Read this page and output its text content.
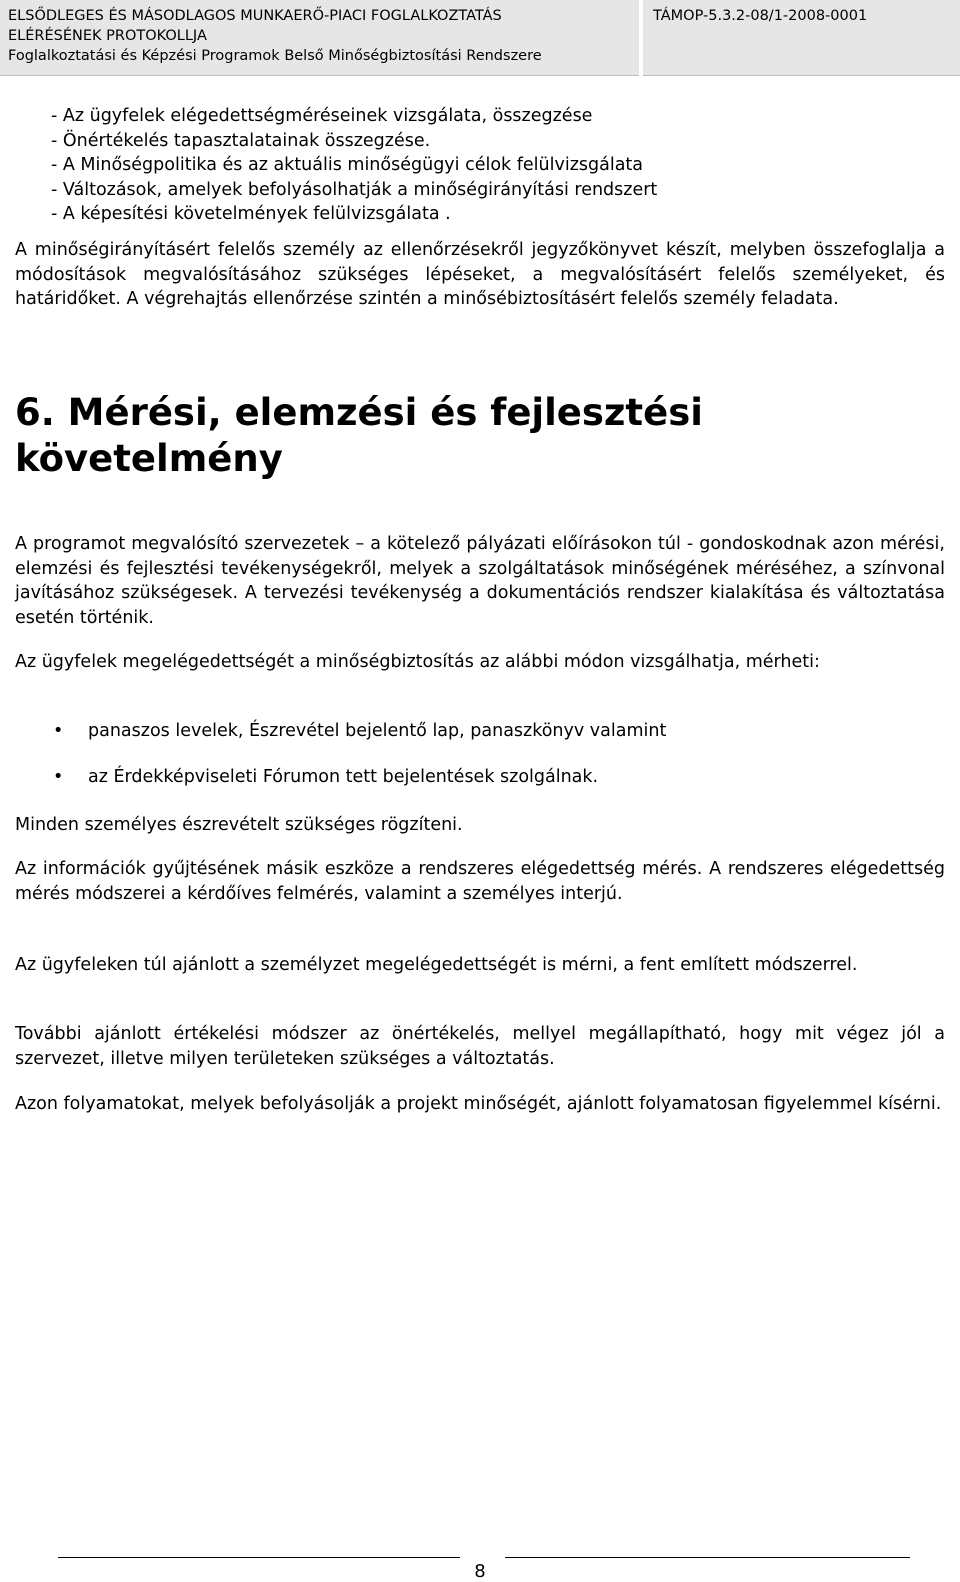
ELSŐDLEGES ÉS MÁSODLAGOS MUNKAERŐ-PIACI FOGLALKOZTATÁS
ELÉRÉSÉNEK PROTOKOLLJA
Foglalkoztatási és Képzési Programok Belső Minőségbiztosítási Rendszere
TÁMOP-5.3.2-08/1-2008-0001
- Az ügyfelek elégedettségméréseinek vizsgálata, összegzése
- Önértékelés tapasztalatainak összegzése.
- A Minőségpolitika és az aktuális minőségügyi célok felülvizsgálata
- Változások, amelyek befolyásolhatják a minőségirányítási rendszert
- A képesítési követelmények felülvizsgálata .
A minőségirányításért felelős személy az ellenőrzésekről jegyzőkönyvet készít, melyben összefoglalja a módosítások megvalósításához szükséges lépéseket, a megvalósításért felelős személyeket, és határidőket. A végrehajtás ellenőrzése szintén a minősébiztosításért felelős személy feladata.
6. Mérési, elemzési és fejlesztési követelmény
A programot megvalósító szervezetek – a kötelező pályázati előírásokon túl - gondoskodnak azon mérési, elemzési és fejlesztési tevékenységekről, melyek a szolgáltatások minőségének méréséhez, a színvonal javításához szükségesek. A tervezési tevékenység a dokumentációs rendszer kialakítása és változtatása esetén történik.
Az ügyfelek megelégedettségét a minőségbiztosítás az alábbi módon vizsgálhatja, mérheti:
• panaszos levelek, Észrevétel bejelentő lap, panaszkönyv valamint
• az Érdekképviseleti Fórumon tett bejelentések szolgálnak.
Minden személyes észrevételt szükséges rögzíteni.
Az információk gyűjtésének másik eszköze a rendszeres elégedettség mérés. A rendszeres elégedettség mérés módszerei a kérdőíves felmérés, valamint a személyes interjú.
Az ügyfeleken túl ajánlott a személyzet megelégedettségét is mérni, a fent említett módszerrel.
További ajánlott értékelési módszer az önértékelés, mellyel megállapítható, hogy mit végez jól a szervezet, illetve milyen területeken szükséges a változtatás.
Azon folyamatokat, melyek befolyásolják a projekt minőségét, ajánlott folyamatosan figyelemmel kísérni.
8
